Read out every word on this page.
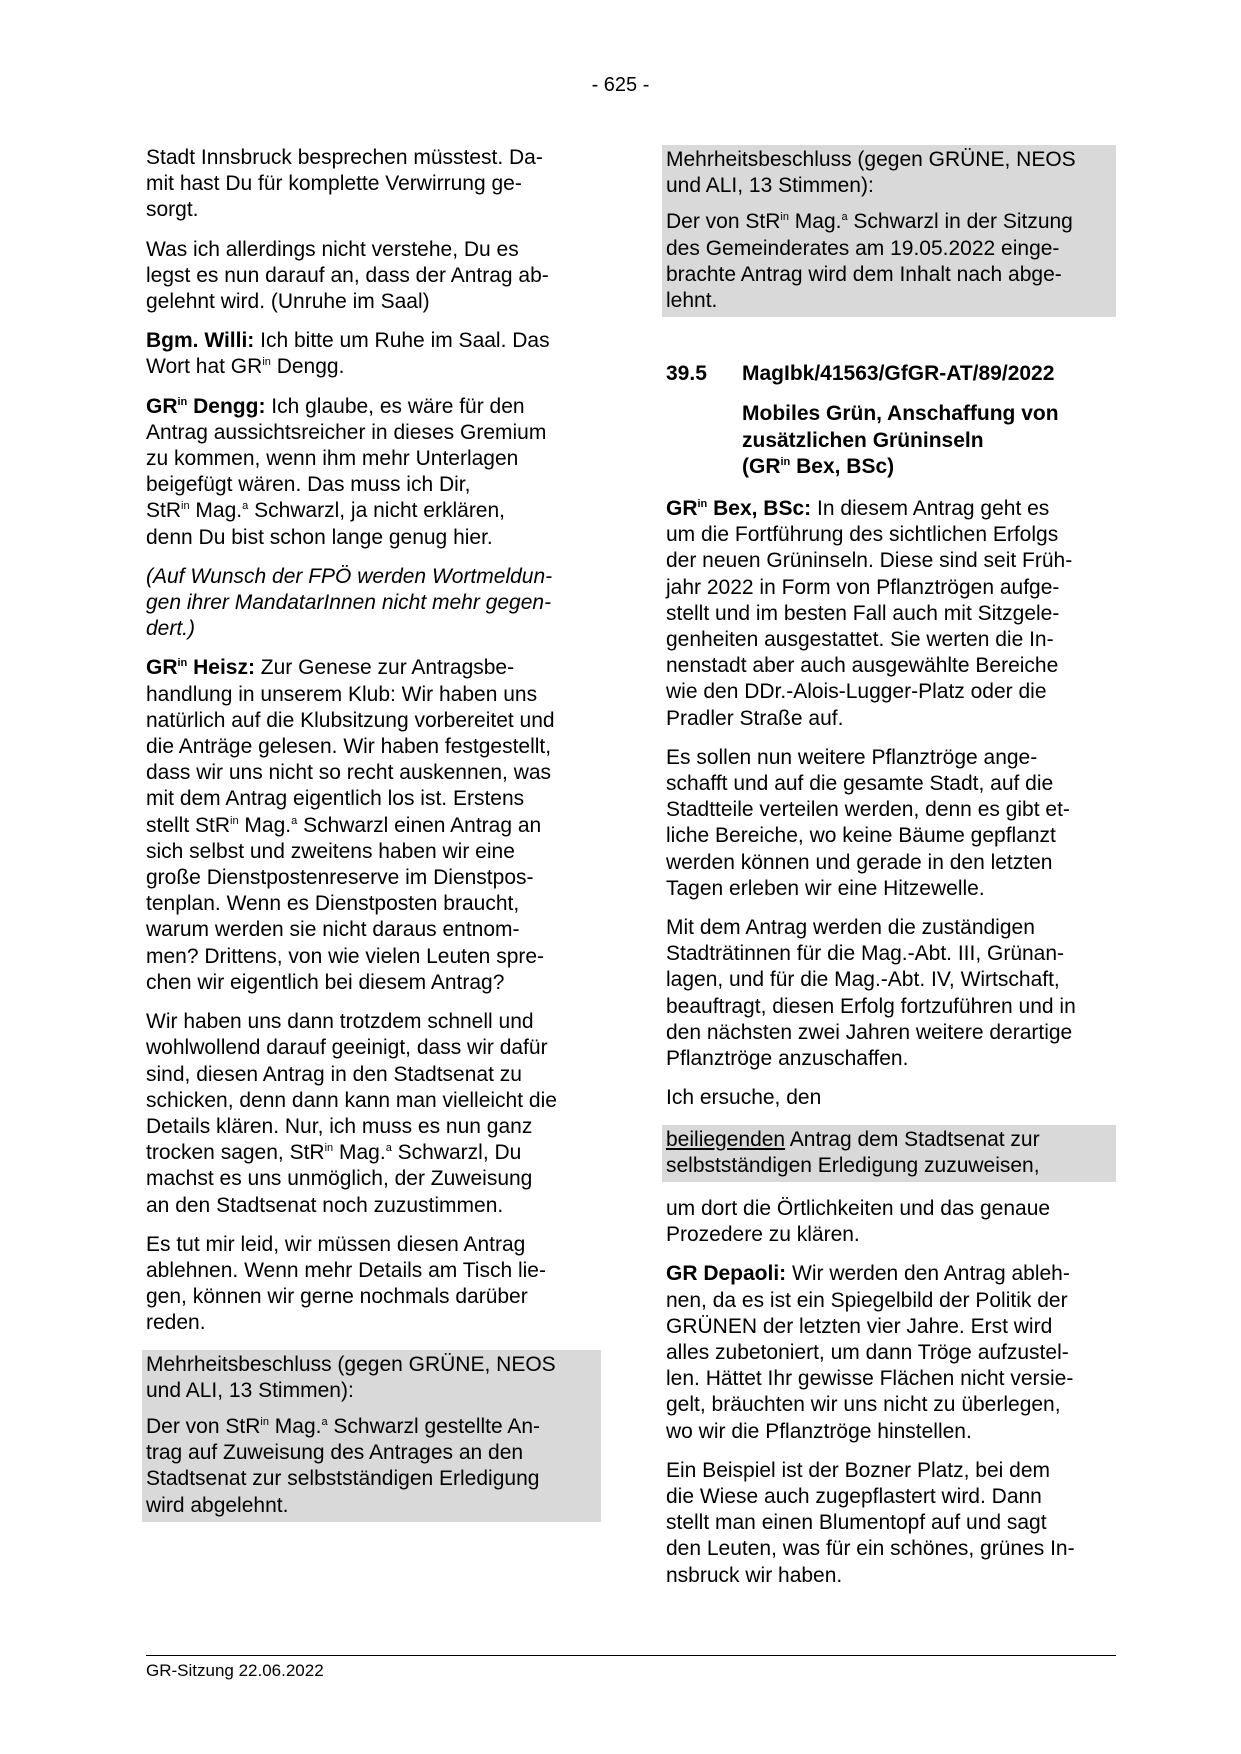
- 625 -
Stadt Innsbruck besprechen müsstest. Da-
mit hast Du für komplette Verwirrung ge-
sorgt.
Was ich allerdings nicht verstehe, Du es
legst es nun darauf an, dass der Antrag ab-
gelehnt wird. (Unruhe im Saal)
Bgm. Willi: Ich bitte um Ruhe im Saal. Das
Wort hat $GR^{in}$ Dengg.
$GR^{in}$ Dengg: Ich glaube, es wäre für den
Antrag aussichtsreicher in dieses Gremium
zu kommen, wenn ihm mehr Unterlagen
beigefügt wären. Das muss ich Dir,
StR$^{in}$ Mag.$^a$ Schwarzl, ja nicht erklären,
denn Du bist schon lange genug hier.
(Auf Wunsch der FPÖ werden Wortmeldun-
gen ihrer MandatarInnen nicht mehr gegen-
dert.)
$GR^{in}$ Heisz: Zur Genese zur Antragsbe-
handlung in unserem Klub: Wir haben uns
natürlich auf die Klubsitzung vorbereitet und
die Anträge gelesen. Wir haben festgestellt,
dass wir uns nicht so recht auskennen, was
mit dem Antrag eigentlich los ist. Erstens
stellt StR$^{in}$ Mag.$^a$ Schwarzl einen Antrag an
sich selbst und zweitens haben wir eine
große Dienstpostenreserve im Dienstpos-
tenplan. Wenn es Dienstposten braucht,
warum werden sie nicht daraus entnom-
men? Drittens, von wie vielen Leuten spre-
chen wir eigentlich bei diesem Antrag?
Wir haben uns dann trotzdem schnell und
wohlwollend darauf geeinigt, dass wir dafür
sind, diesen Antrag in den Stadtsenat zu
schicken, denn dann kann man vielleicht die
Details klären. Nur, ich muss es nun ganz
trocken sagen, StR$^{in}$ Mag.$^a$ Schwarzl, Du
machst es uns unmöglich, der Zuweisung
an den Stadtsenat noch zuzustimmen.
Es tut mir leid, wir müssen diesen Antrag
ablehnen. Wenn mehr Details am Tisch lie-
gen, können wir gerne nochmals darüber
reden.
Mehrheitsbeschluss (gegen GRÜNE, NEOS
und ALI, 13 Stimmen):
Der von StR$^{in}$ Mag.$^a$ Schwarzl gestellte An-
trag auf Zuweisung des Antrages an den
Stadtsenat zur selbstständigen Erledigung
wird abgelehnt.
Mehrheitsbeschluss (gegen GRÜNE, NEOS
und ALI, 13 Stimmen):
Der von StR$^{in}$ Mag.$^a$ Schwarzl in der Sitzung
des Gemeinderates am 19.05.2022 einge-
brachte Antrag wird dem Inhalt nach abge-
lehnt.
39.5 MagIbk/41563/GfGR-AT/89/2022
Mobiles Grün, Anschaffung von
zusätzlichen Grüninseln
($GR^{in}$ Bex, BSc)
$GR^{in}$ Bex, BSc: In diesem Antrag geht es
um die Fortführung des sichtlichen Erfolgs
der neuen Grüninseln. Diese sind seit Früh-
jahr 2022 in Form von Pflanztrögen aufge-
stellt und im besten Fall auch mit Sitzgele-
genheiten ausgestattet. Sie werten die In-
nenstadt aber auch ausgewählte Bereiche
wie den DDr.-Alois-Lugger-Platz oder die
Pradler Straße auf.
Es sollen nun weitere Pflanztröge ange-
schafft und auf die gesamte Stadt, auf die
Stadtteile verteilen werden, denn es gibt et-
liche Bereiche, wo keine Bäume gepflanzt
werden können und gerade in den letzten
Tagen erleben wir eine Hitzewelle.
Mit dem Antrag werden die zuständigen
Stadträtinnen für die Mag.-Abt. III, Grünan-
lagen, und für die Mag.-Abt. IV, Wirtschaft,
beauftragt, diesen Erfolg fortzuführen und in
den nächsten zwei Jahren weitere derartige
Pflanztröge anzuschaffen.
Ich ersuche, den
beiliegenden Antrag dem Stadtsenat zur
selbstständigen Erledigung zuzuweisen,
um dort die Örtlichkeiten und das genaue
Prozedere zu klären.
GR Depaoli: Wir werden den Antrag ableh-
nen, da es ist ein Spiegelbild der Politik der
GRÜNEN der letzten vier Jahre. Erst wird
alles zubetoniert, um dann Tröge aufzustel-
len. Hättet Ihr gewisse Flächen nicht versie-
gelt, bräuchten wir uns nicht zu überlegen,
wo wir die Pflanztröge hinstellen.
Ein Beispiel ist der Bozner Platz, bei dem
die Wiese auch zugepflastert wird. Dann
stellt man einen Blumentopf auf und sagt
den Leuten, was für ein schönes, grünes In-
nsbruck wir haben.
GR-Sitzung 22.06.2022
